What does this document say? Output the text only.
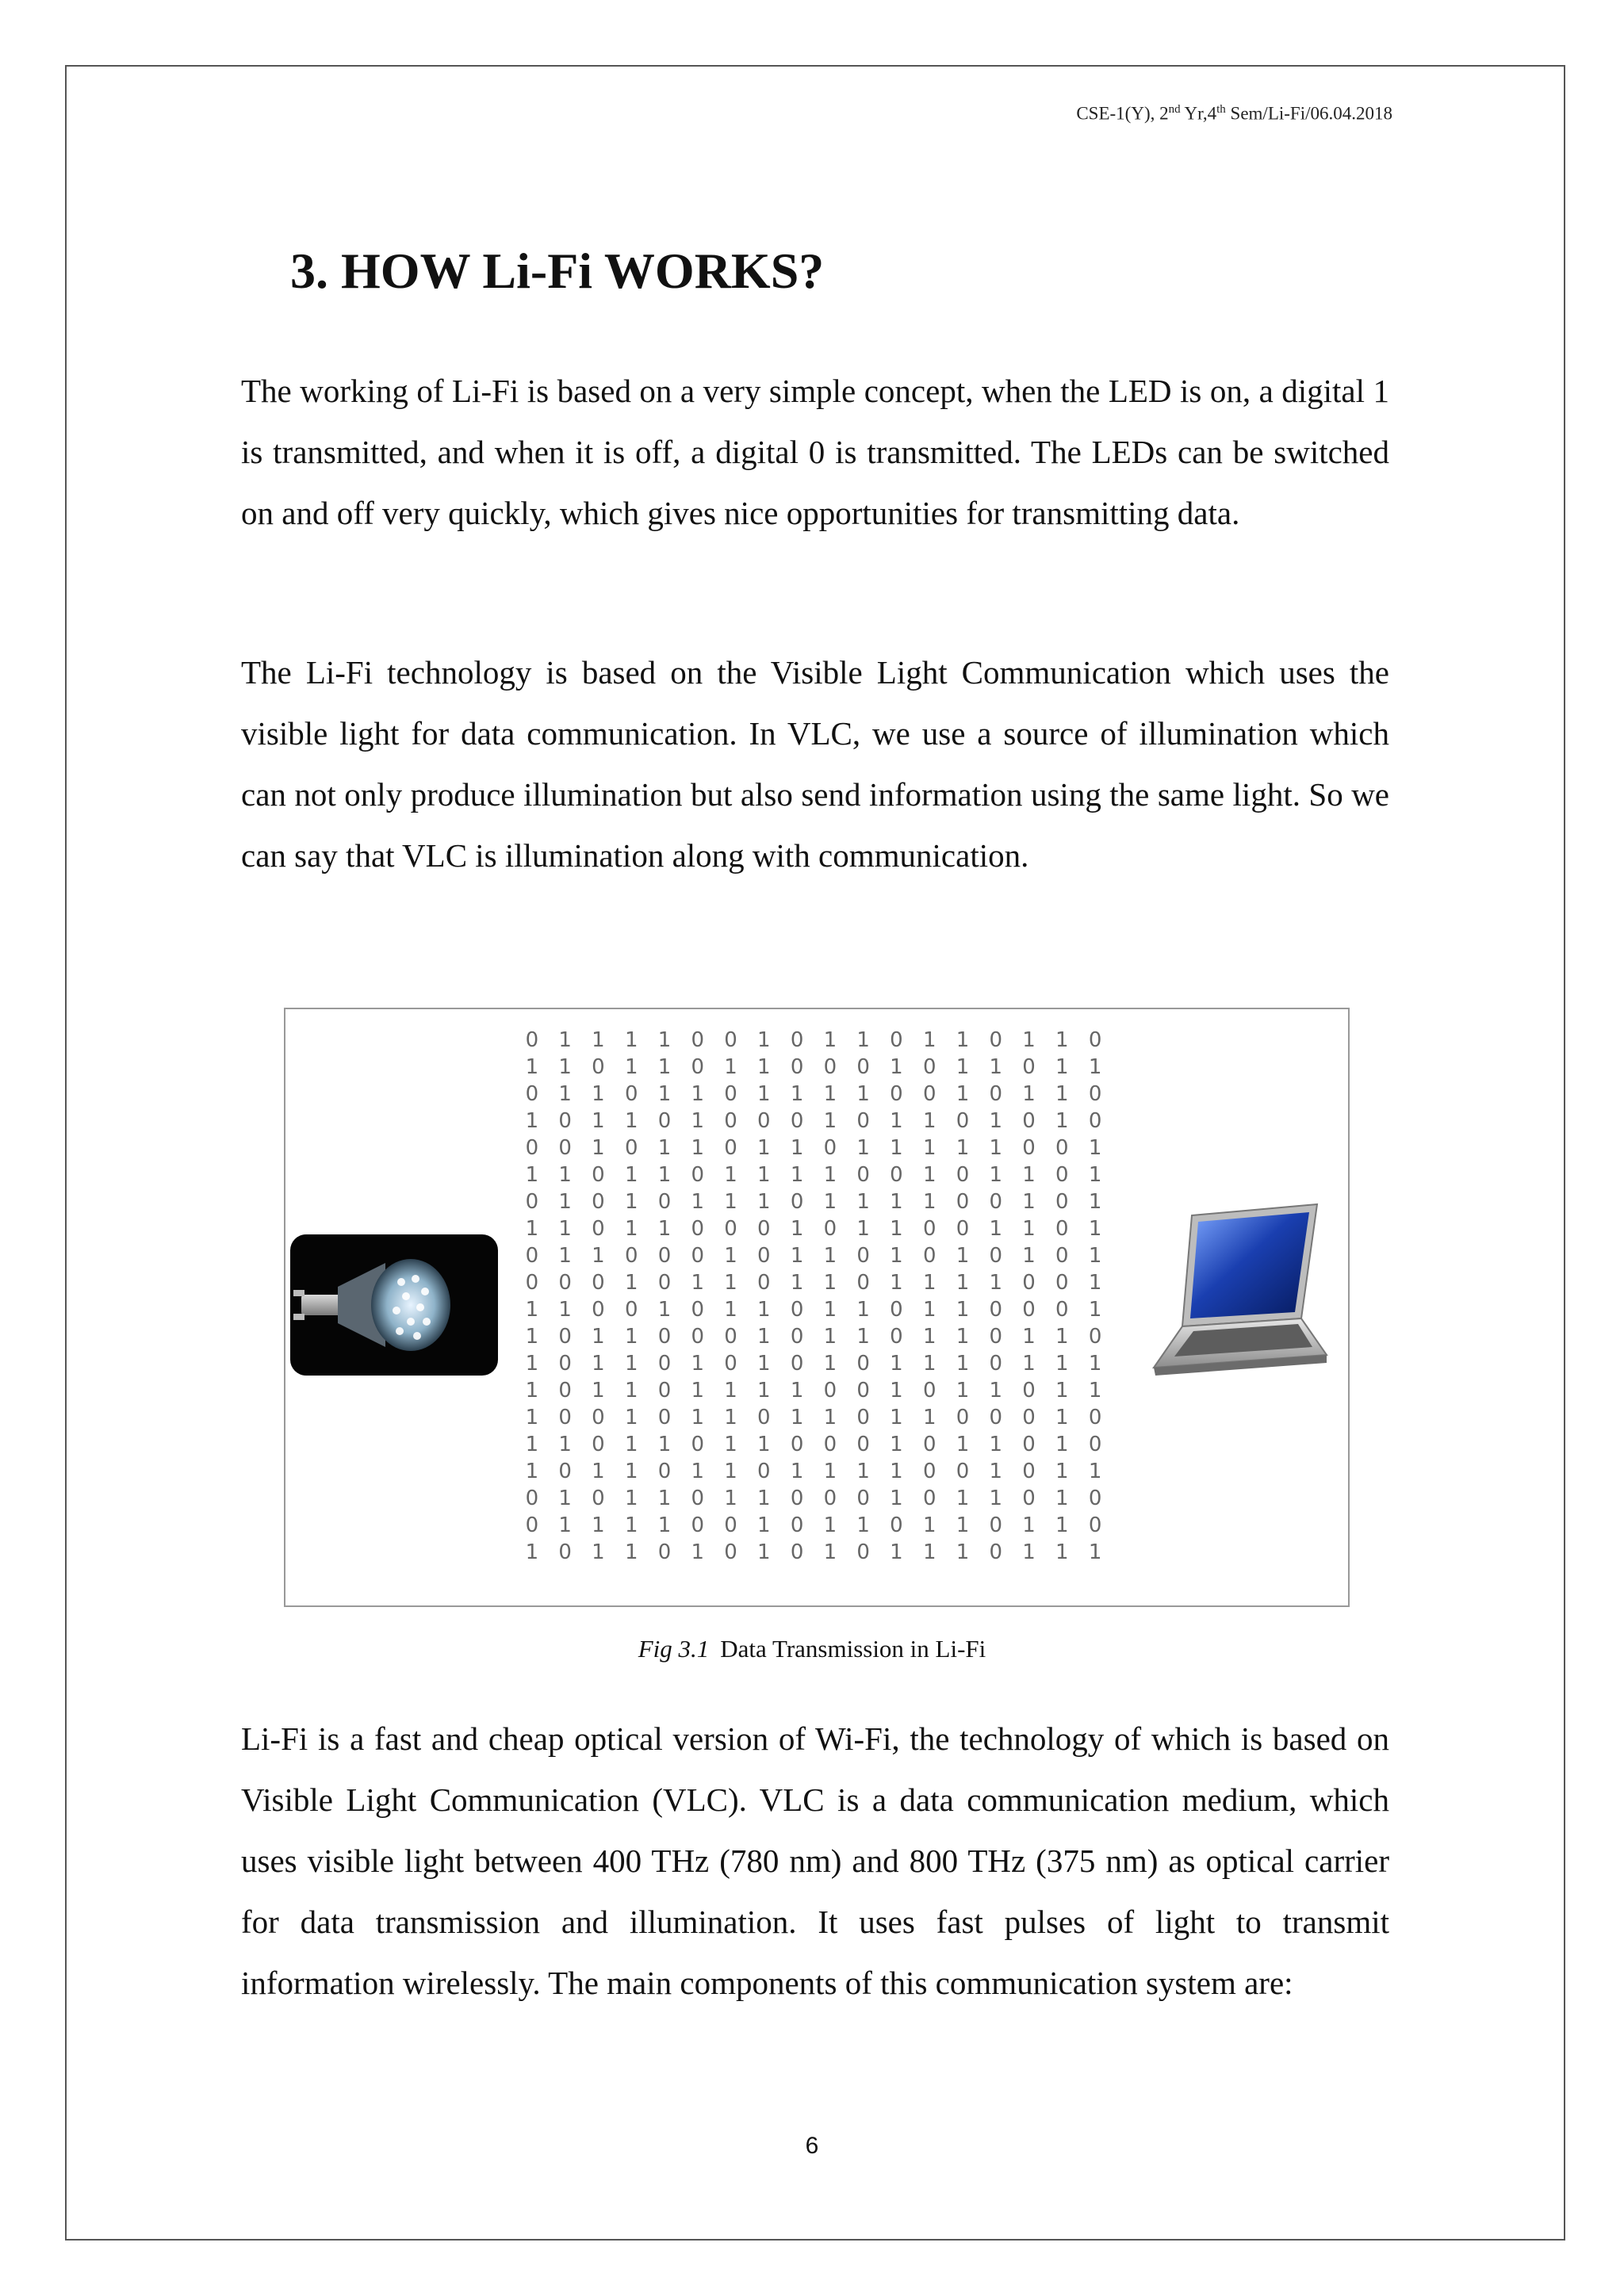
CSE-1(Y), 2nd Yr,4th Sem/Li-Fi/06.04.2018
3. HOW Li-Fi WORKS?

The working of Li-Fi is based on a very simple concept, when the LED is on, a digital 1 is transmitted, and when it is off, a digital 0 is transmitted. The LEDs can be switched on and off very quickly, which gives nice opportunities for transmitting data.

The Li-Fi technology is based on the Visible Light Communication which uses the visible light for data communication. In VLC, we use a source of illumination which can not only produce illumination but also send information using the same light. So we can say that VLC is illumination along with communication.

0 1 1 1 1 0 0 1 0 1 1 0 1 1 0 1 1 0
1 1 0 1 1 0 1 1 0 0 0 1 0 1 1 0 1 1
0 1 1 0 1 1 0 1 1 1 1 0 0 1 0 1 1 0
1 0 1 1 0 1 0 0 0 1 0 1 1 0 1 0 1 0
0 0 1 0 1 1 0 1 1 0 1 1 1 1 1 0 0 1
1 1 0 1 1 0 1 1 1 1 0 0 1 0 1 1 0 1
0 1 0 1 0 1 1 1 0 1 1 1 1 0 0 1 0 1
1 1 0 1 1 0 0 0 1 0 1 1 0 0 1 1 0 1
0 1 1 0 0 0 1 0 1 1 0 1 0 1 0 1 0 1
0 0 0 1 0 1 1 0 1 1 0 1 1 1 1 0 0 1
1 1 0 0 1 0 1 1 0 1 1 0 1 1 0 0 0 1
1 0 1 1 0 0 0 1 0 1 1 0 1 1 0 1 1 0
1 0 1 1 0 1 0 1 0 1 0 1 1 1 0 1 1 1
1 0 1 1 0 1 1 1 1 0 0 1 0 1 1 0 1 1
1 0 0 1 0 1 1 0 1 1 0 1 1 0 0 0 1 0
1 1 0 1 1 0 1 1 0 0 0 1 0 1 1 0 1 0
1 0 1 1 0 1 1 0 1 1 1 1 0 0 1 0 1 1
0 1 0 1 1 0 1 1 0 0 0 1 0 1 1 0 1 0
0 1 1 1 1 0 0 1 0 1 1 0 1 1 0 1 1 0
1 0 1 1 0 1 0 1 0 1 0 1 1 1 0 1 1 1
Fig 3.1 Data Transmission in Li-Fi

Li-Fi is a fast and cheap optical version of Wi-Fi, the technology of which is based on Visible Light Communication (VLC). VLC is a data communication medium, which uses visible light between 400 THz (780 nm) and 800 THz (375 nm) as optical carrier for data transmission and illumination. It uses fast pulses of light to transmit information wirelessly. The main components of this communication system are:

6
